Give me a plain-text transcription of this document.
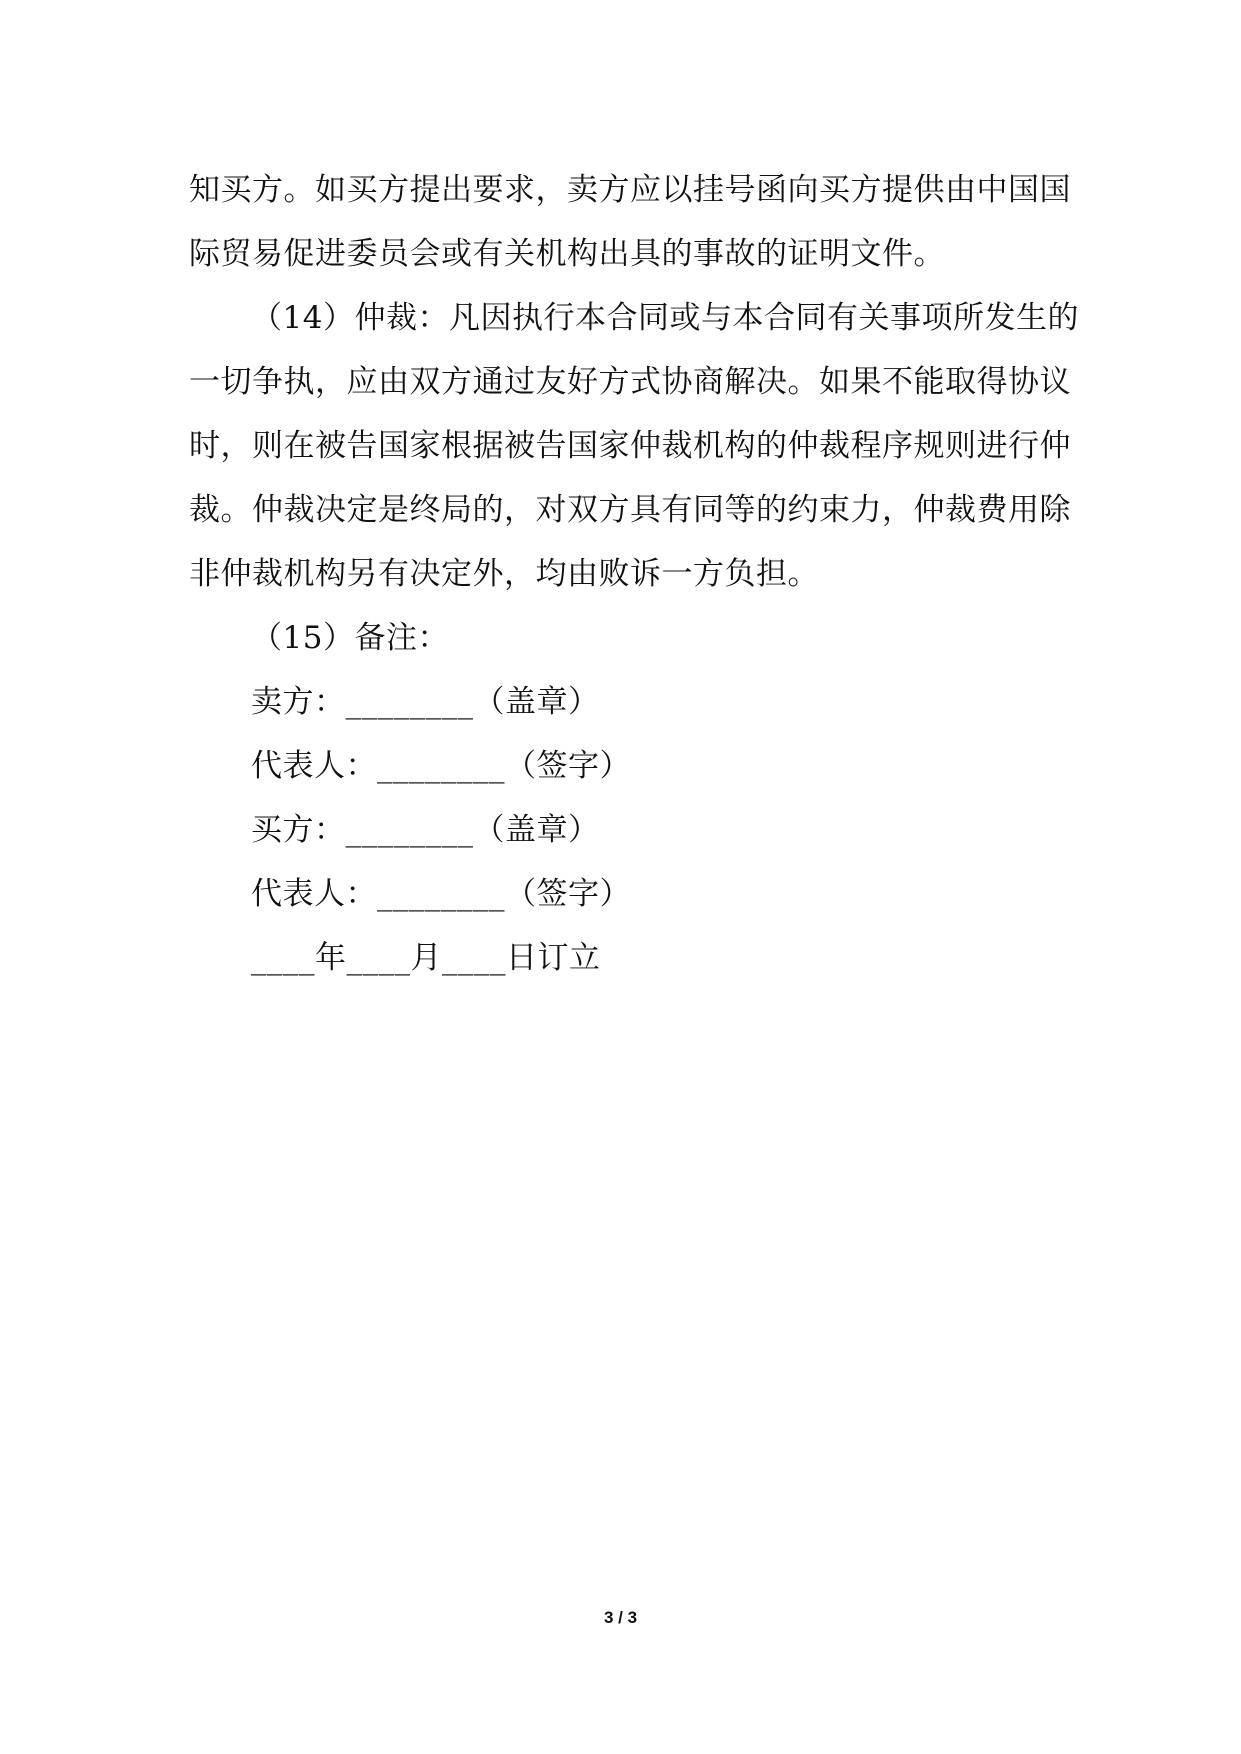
知买方。如买方提出要求，卖方应以挂号函向买方提供由中国国
际贸易促进委员会或有关机构出具的事故的证明文件。
（14）仲裁：凡因执行本合同或与本合同有关事项所发生的
一切争执，应由双方通过友好方式协商解决。如果不能取得协议
时，则在被告国家根据被告国家仲裁机构的仲裁程序规则进行仲
裁。仲裁决定是终局的，对双方具有同等的约束力，仲裁费用除
非仲裁机构另有决定外，均由败诉一方负担。
（15）备注：
卖方：________（盖章）
代表人：________（签字）
买方：________（盖章）
代表人：________（签字）
____年____月____日订立
3 / 3
